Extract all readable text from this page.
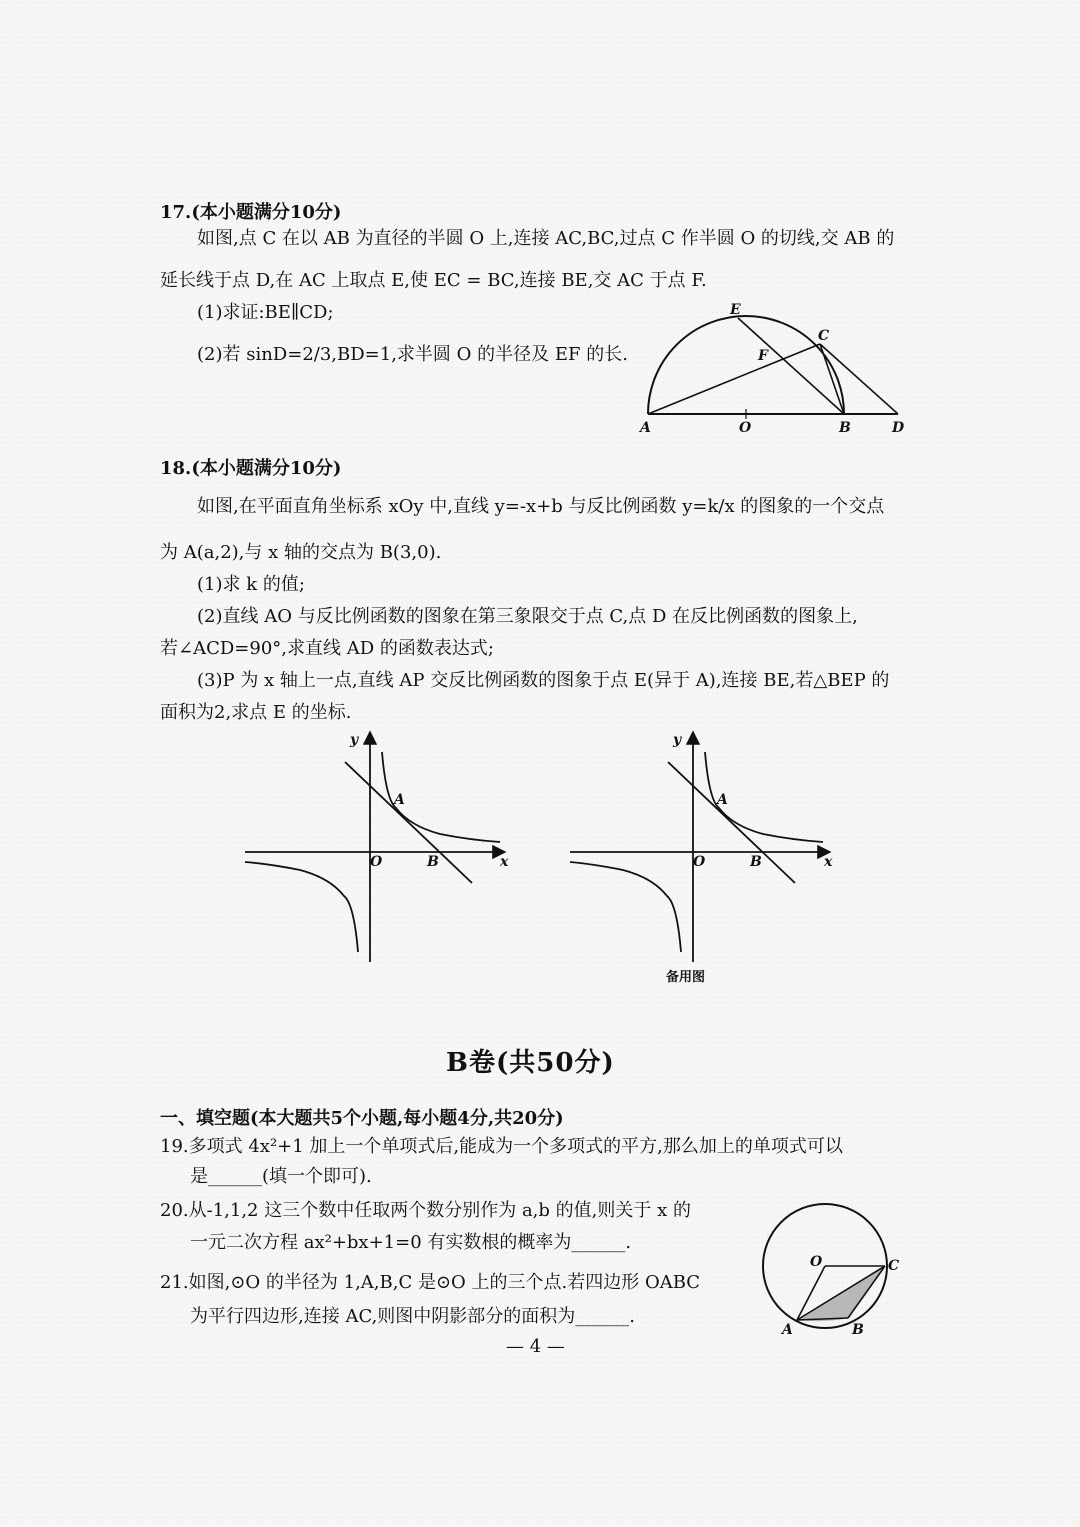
17.(本小题满分10分)
如图,点 C 在以 AB 为直径的半圆 O 上,连接 AC,BC,过点 C 作半圆 O 的切线,交 AB 的
延长线于点 D,在 AC 上取点 E,使 EC = BC,连接 BE,交 AC 于点 F.
(1)求证:BE∥CD;
(2)若 sinD=2/3,BD=1,求半圆 O 的半径及 EF 的长.
E
C
F
A	O	B	D
18.(本小题满分10分)
如图,在平面直角坐标系 xOy 中,直线 y=-x+b 与反比例函数 y=k/x 的图象的一个交点
为 A(a,2),与 x 轴的交点为 B(3,0).
(1)求 k 的值;
(2)直线 AO 与反比例函数的图象在第三象限交于点 C,点 D 在反比例函数的图象上,
若∠ACD=90°,求直线 AD 的函数表达式;
(3)P 为 x 轴上一点,直线 AP 交反比例函数的图象于点 E(异于 A),连接 BE,若△BEP 的
面积为2,求点 E 的坐标.
y
x
O
A
B
y
x
O
A
B
备用图
B卷(共50分)
一、填空题(本大题共5个小题,每小题4分,共20分)
19.多项式 4x²+1 加上一个单项式后,能成为一个多项式的平方,那么加上的单项式可以
是______(填一个即可).
20.从-1,1,2 这三个数中任取两个数分别作为 a,b 的值,则关于 x 的
一元二次方程 ax²+bx+1=0 有实数根的概率为______.
21.如图,⊙O 的半径为 1,A,B,C 是⊙O 上的三个点.若四边形 OABC
为平行四边形,连接 AC,则图中阴影部分的面积为______.
O	C
A	B
— 4 —
